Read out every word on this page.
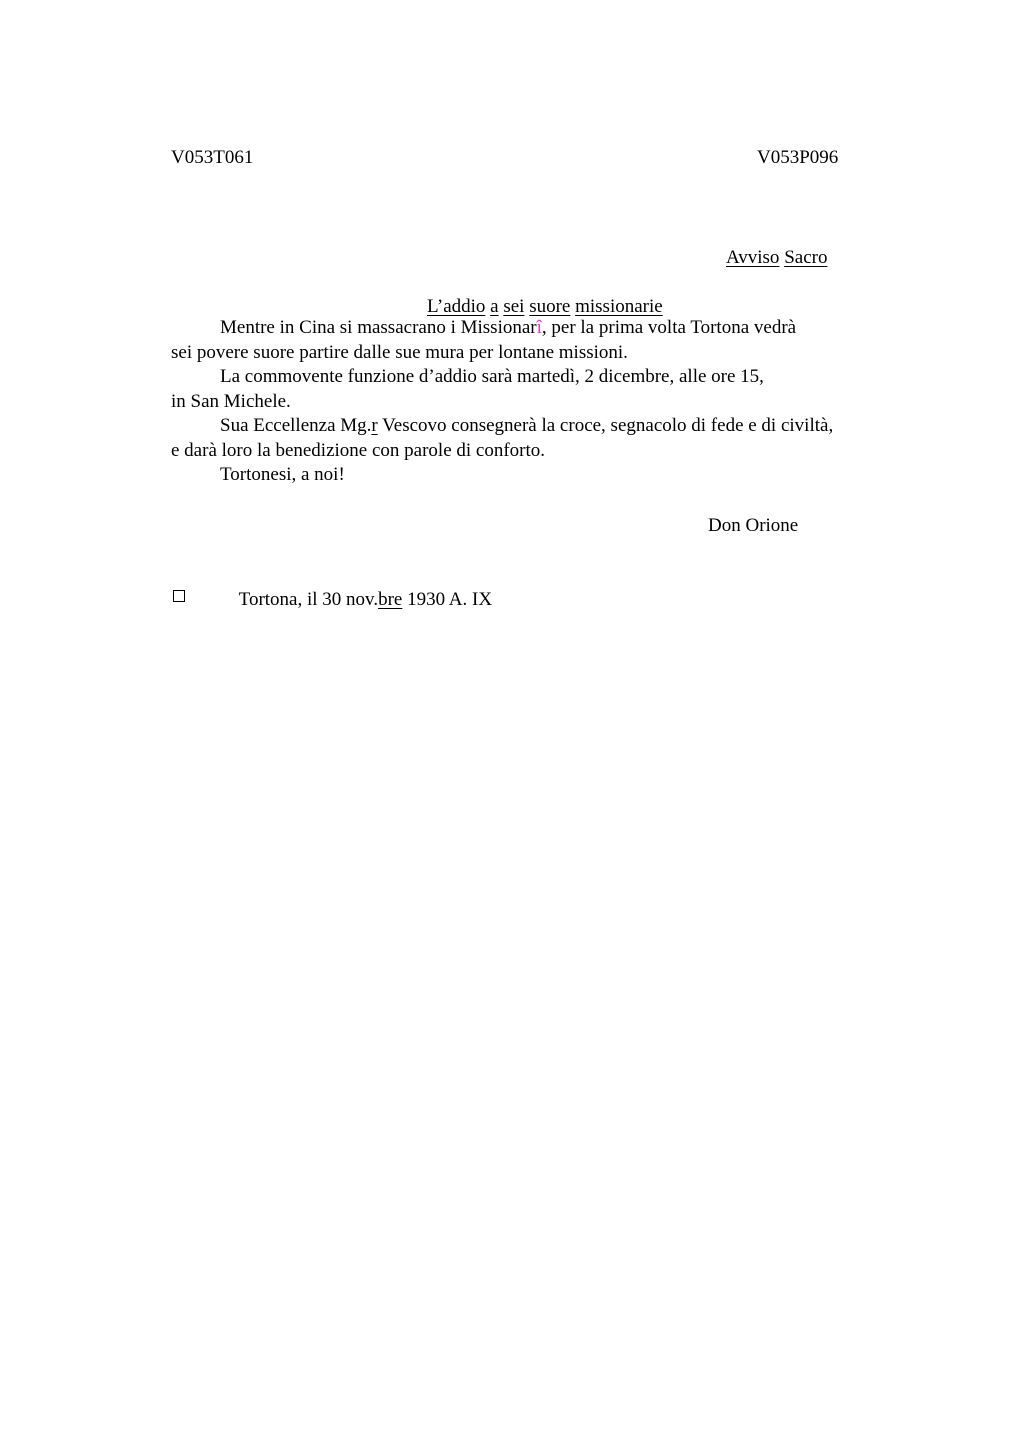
V053T061	V053P096

Avviso Sacro

L’addio a sei suore missionarie

Mentre in Cina si massacrano i Missionarî, per la prima volta Tortona vedrà
sei povere suore partire dalle sue mura per lontane missioni.
La commovente funzione d’addio sarà martedì, 2 dicembre, alle ore 15,
in San Michele.
Sua Eccellenza Mg.r Vescovo consegnerà la croce, segnacolo di fede e di civiltà,
e darà loro la benedizione con parole di conforto.
Tortonesi, a noi!
Don Orione

Tortona, il 30 nov.bre 1930 A. IX
